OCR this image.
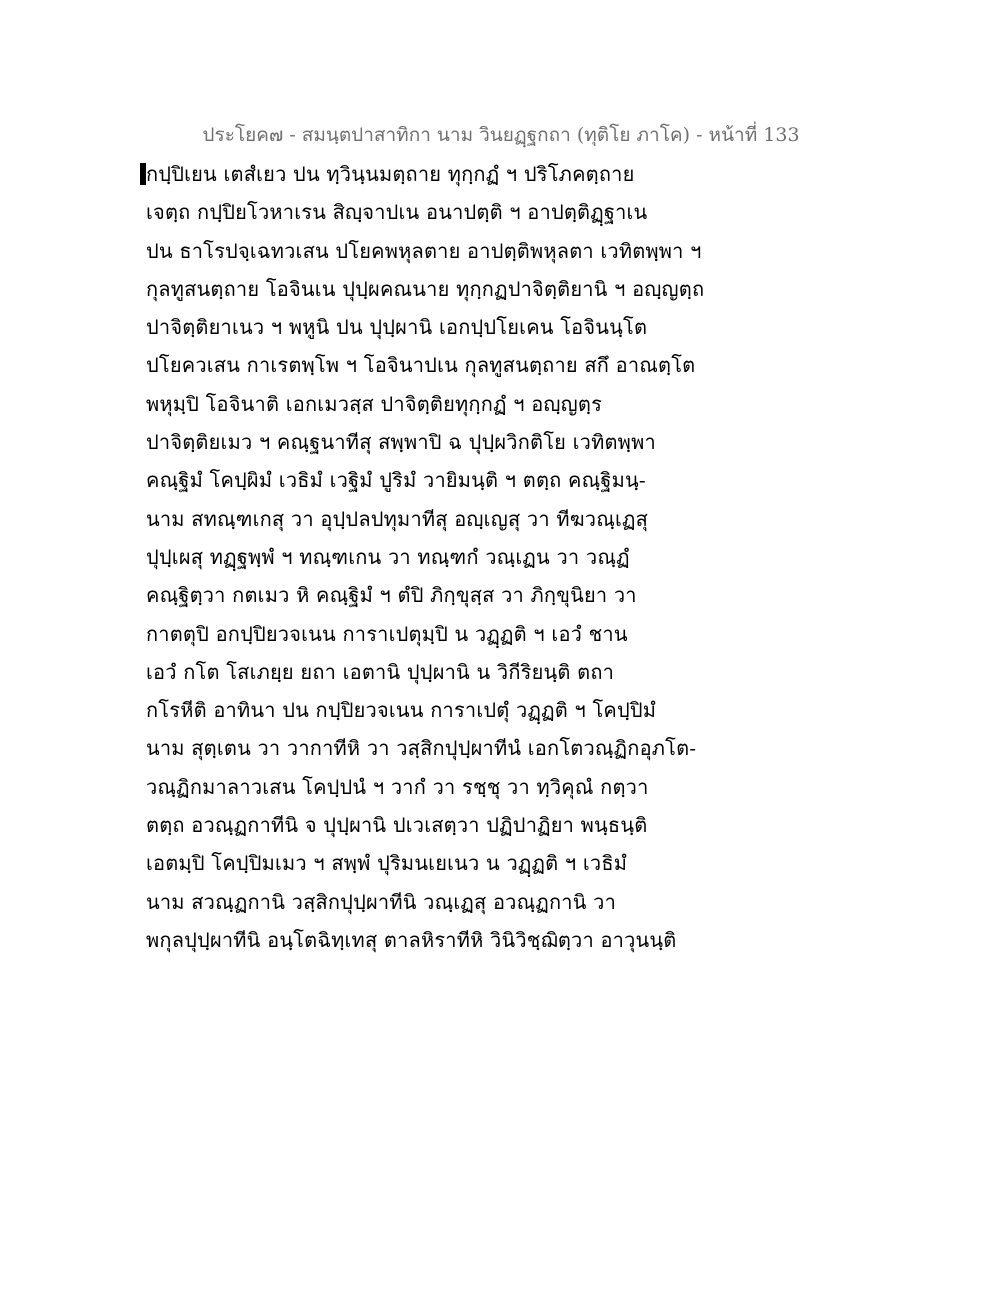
ประโยค๗ - สมนฺตปาสาทิกา นาม วินยฏฺฐกถา (ทุติโย ภาโค) - หน้าที่ 133
กปฺปิเยน เตสํเยว ปน ทฺวินฺนมตฺถาย ทุกฺกฏํ ฯ ปริโภคตฺถาย
เจตฺถ กปฺปิยโวหาเรน สิญฺจาปเน อนาปตฺติ ฯ อาปตฺติฏฺฐาเน
ปน ธาโรปจฺเฉทวเสน ปโยคพหุลตาย อาปตฺติพหุลตา เวทิตพฺพา ฯ
กุลทูสนตฺถาย โอจินเน ปุปฺผคณนาย ทุกฺกฏปาจิตฺติยานิ ฯ อญฺญตฺถ
ปาจิตฺติยาเนว ฯ พหูนิ ปน ปุปฺผานิ เอกปฺปโยเคน โอจินนฺโต
ปโยควเสน กาเรตพฺโพ ฯ โอจินาปเน กุลทูสนตฺถาย สกึ อาณตฺโต
พหุมฺปิ โอจินาติ เอกเมวสฺส ปาจิตฺติยทุกฺกฏํ ฯ อญฺญตฺร
ปาจิตฺติยเมว ฯ คณฺฐนาทีสุ สพฺพาปิ ฉ ปุปฺผวิกติโย เวทิตพฺพา
คณฺฐิมํ โคปฺผิมํ เวธิมํ เวฐิมํ ปูริมํ วายิมนฺติ ฯ ตตฺถ คณฺฐิมนฺ-
นาม สทณฺฑเกสุ วา อุปฺปลปทุมาทีสุ อญฺเญสุ วา ทีฆวณฺเฏสุ
ปุปฺเผสุ ทฏฺฐพฺพํ ฯ ทณฺฑเกน วา ทณฺฑกํ วณฺเฏน วา วณฺฏํ
คณฺฐิตฺวา กตเมว หิ คณฺฐิมํ ฯ ตํปิ ภิกฺขุสฺส วา ภิกฺขุนิยา วา
กาตตุปิ อกปฺปิยวจเนน การาเปตุมฺปิ น วฏฺฏติ ฯ เอวํ ชาน
เอวํ กโต โสเภยฺย ยถา เอตานิ ปุปฺผานิ น วิกีริยนฺติ ตถา
กโรหีติ อาทินา ปน กปฺปิยวจเนน การาเปตุํ วฏฺฏติ ฯ โคปฺปิมํ
นาม สุตฺเตน วา วากาทีหิ วา วสฺสิกปุปฺผาทีนํ เอกโตวณฺฏิกอุภโต-
วณฺฏิกมาลาวเสน โคปฺปนํ ฯ วากํ วา รชฺชุ วา ทฺวิคุณํ กตฺวา
ตตฺถ อวณฺฏกาทีนิ จ ปุปฺผานิ ปเวเสตฺวา ปฏิปาฏิยา พนฺธนฺติ
เอตมฺปิ โคปฺปิมเมว ฯ สพฺพํ ปุริมนเยเนว น วฏฺฏติ ฯ เวธิมํ
นาม สวณฺฏกานิ วสฺสิกปุปฺผาทีนิ วณฺเฏสุ อวณฺฏกานิ วา
พกุลปุปฺผาทีนิ อนฺโตฉิทฺเทสุ ตาลหิราทีหิ วินิวิชฺฌิตฺวา อาวุนนฺติ
